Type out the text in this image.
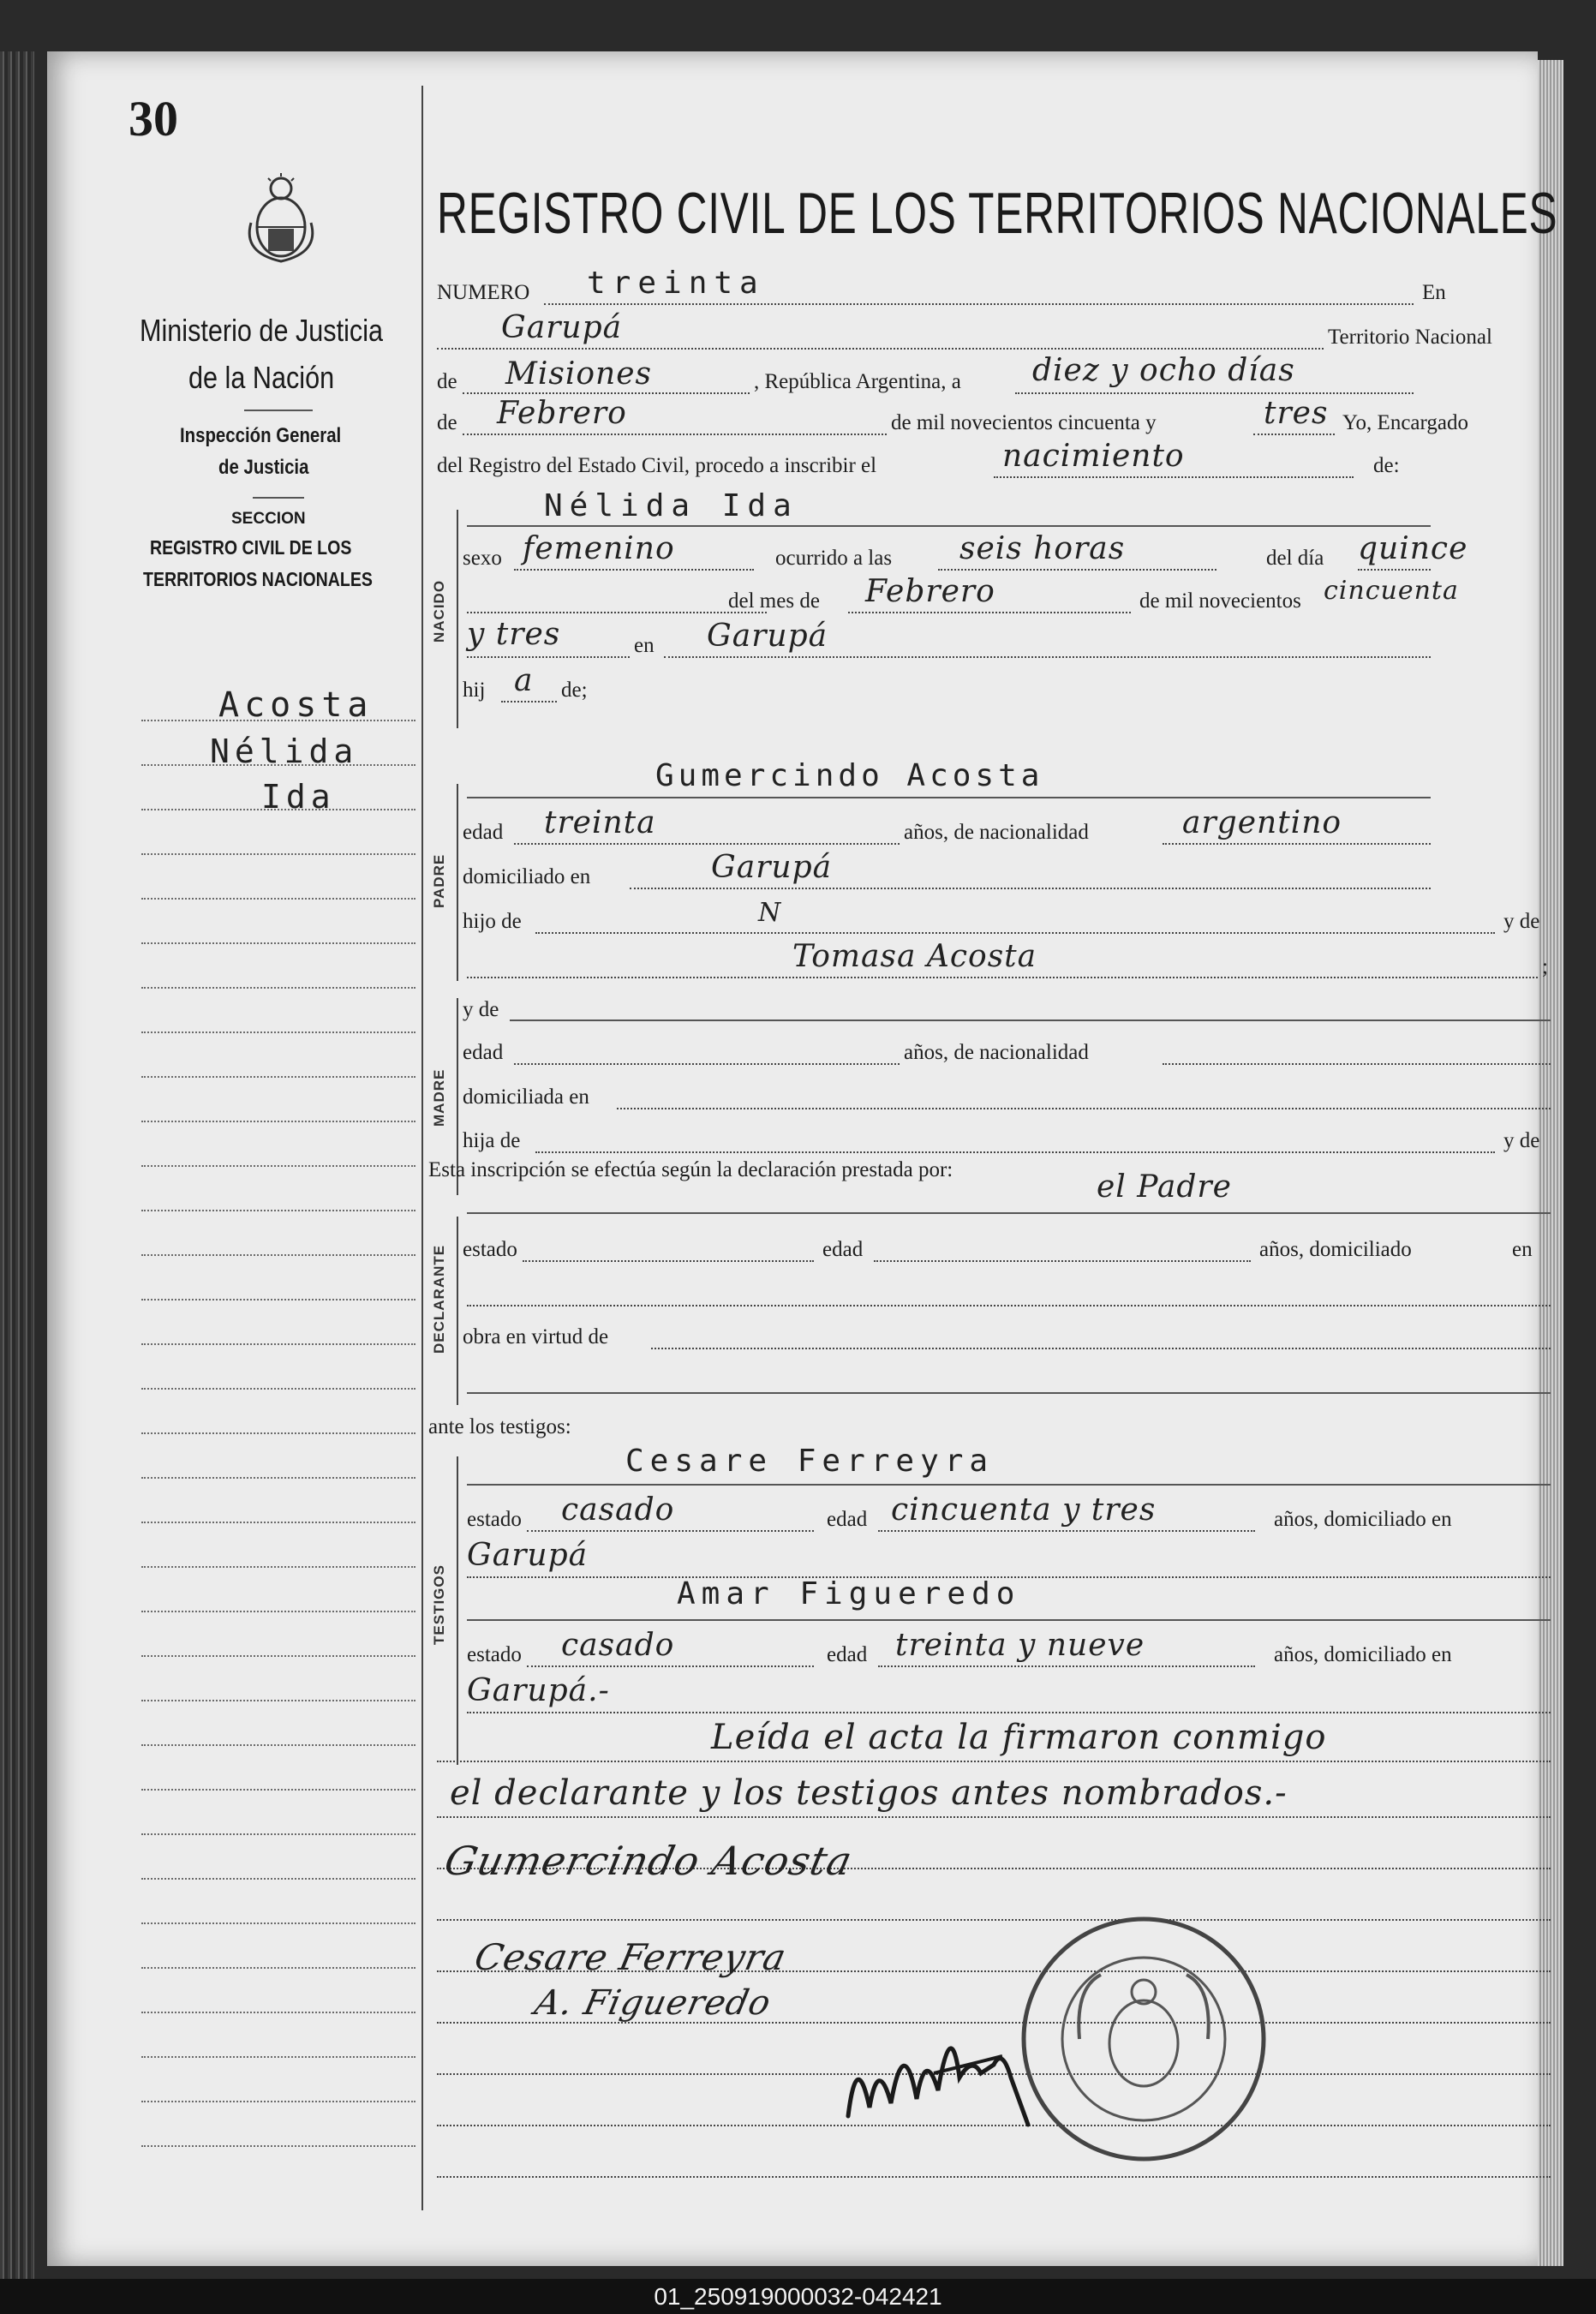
30
Ministerio de Justicia
de la Nación
Inspección General
de Justicia
SECCION
REGISTRO CIVIL DE LOS
TERRITORIOS NACIONALES
Acosta
Nélida
Ida
REGISTRO CIVIL DE LOS TERRITORIOS NACIONALES
NUMERO treinta	En
Garupá	Territorio Nacional
de Misiones	, República Argentina, a diez y ocho días
de Febrero	de mil novecientos cincuenta y	tres Yo, Encargado
del Registro del Estado Civil, procedo a inscribir el	nacimiento	de:
NACIDO
Nélida Ida
sexo femenino	ocurrido a las seis horas	del día quince
del mes de Febrero	de mil novecientos cincuenta
y tres	en Garupá
hij a de;
PADRE
Gumercindo Acosta
edad treinta	años, de nacionalidad	argentino
domiciliado en	Garupá
hijo de	N	y de
Tomasa Acosta	;
MADRE
y de
edad	años, de nacionalidad
domiciliada en
hija de	y de
Esta inscripción se efectúa según la declaración prestada por:	el Padre
DECLARANTE estado	edad	años, domiciliado	en
obra en virtud de
ante los testigos:
TESTIGOS
Cesare Ferreyra
estado casado	edad cincuenta y tres	años, domiciliado en
Garupá
Amar Figueredo
estado casado	edad treinta y nueve	años, domiciliado en
Garupá.-
Leída el acta la firmaron conmigo
el declarante y los testigos antes nombrados.-
Gumercindo Acosta
Cesare Ferreyra
A. Figueredo
01_250919000032-042421
